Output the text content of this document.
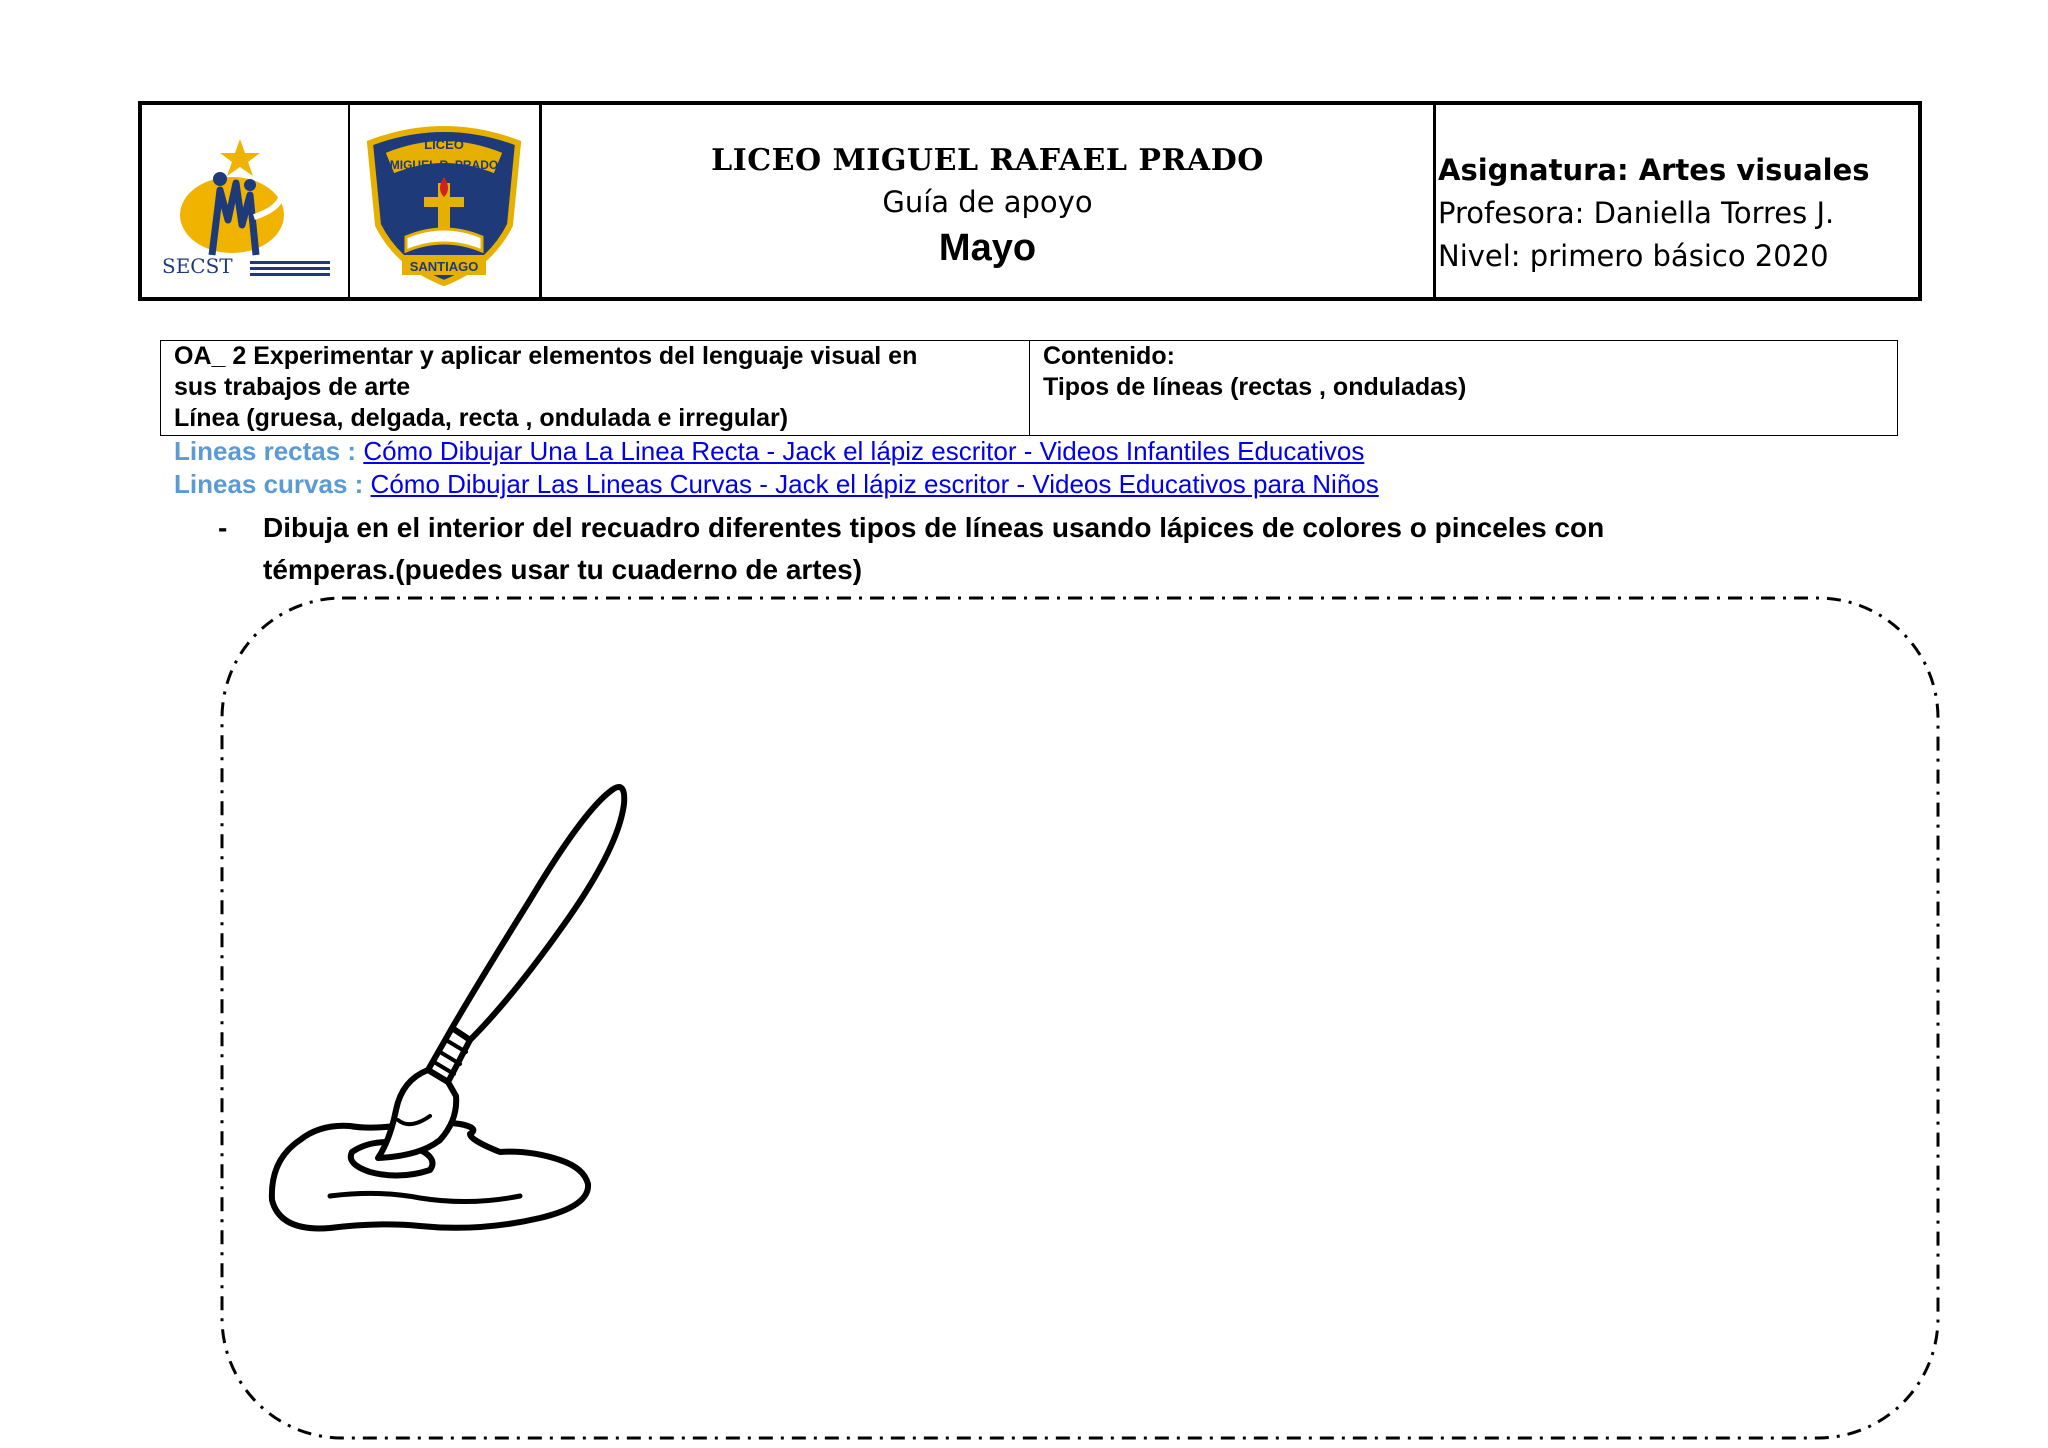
SECST
LICEO
MIGUEL R. PRADO
SANTIAGO
LICEO MIGUEL RAFAEL PRADO
Guía de apoyo
Mayo
Asignatura: Artes visuales
Profesora: Daniella Torres J.
Nivel: primero básico 2020
OA_ 2 Experimentar y aplicar elementos del lenguaje visual en
sus trabajos de arte
Línea (gruesa, delgada, recta , ondulada e irregular)
Contenido:
Tipos de líneas (rectas , onduladas)
Lineas rectas : Cómo Dibujar Una La Linea Recta - Jack el lápiz escritor - Videos Infantiles Educativos
Lineas curvas : Cómo Dibujar Las Lineas Curvas - Jack el lápiz escritor - Videos Educativos para Niños
- Dibuja en el interior del recuadro diferentes tipos de líneas usando lápices de colores o pinceles con témperas.(puedes usar tu cuaderno de artes)
